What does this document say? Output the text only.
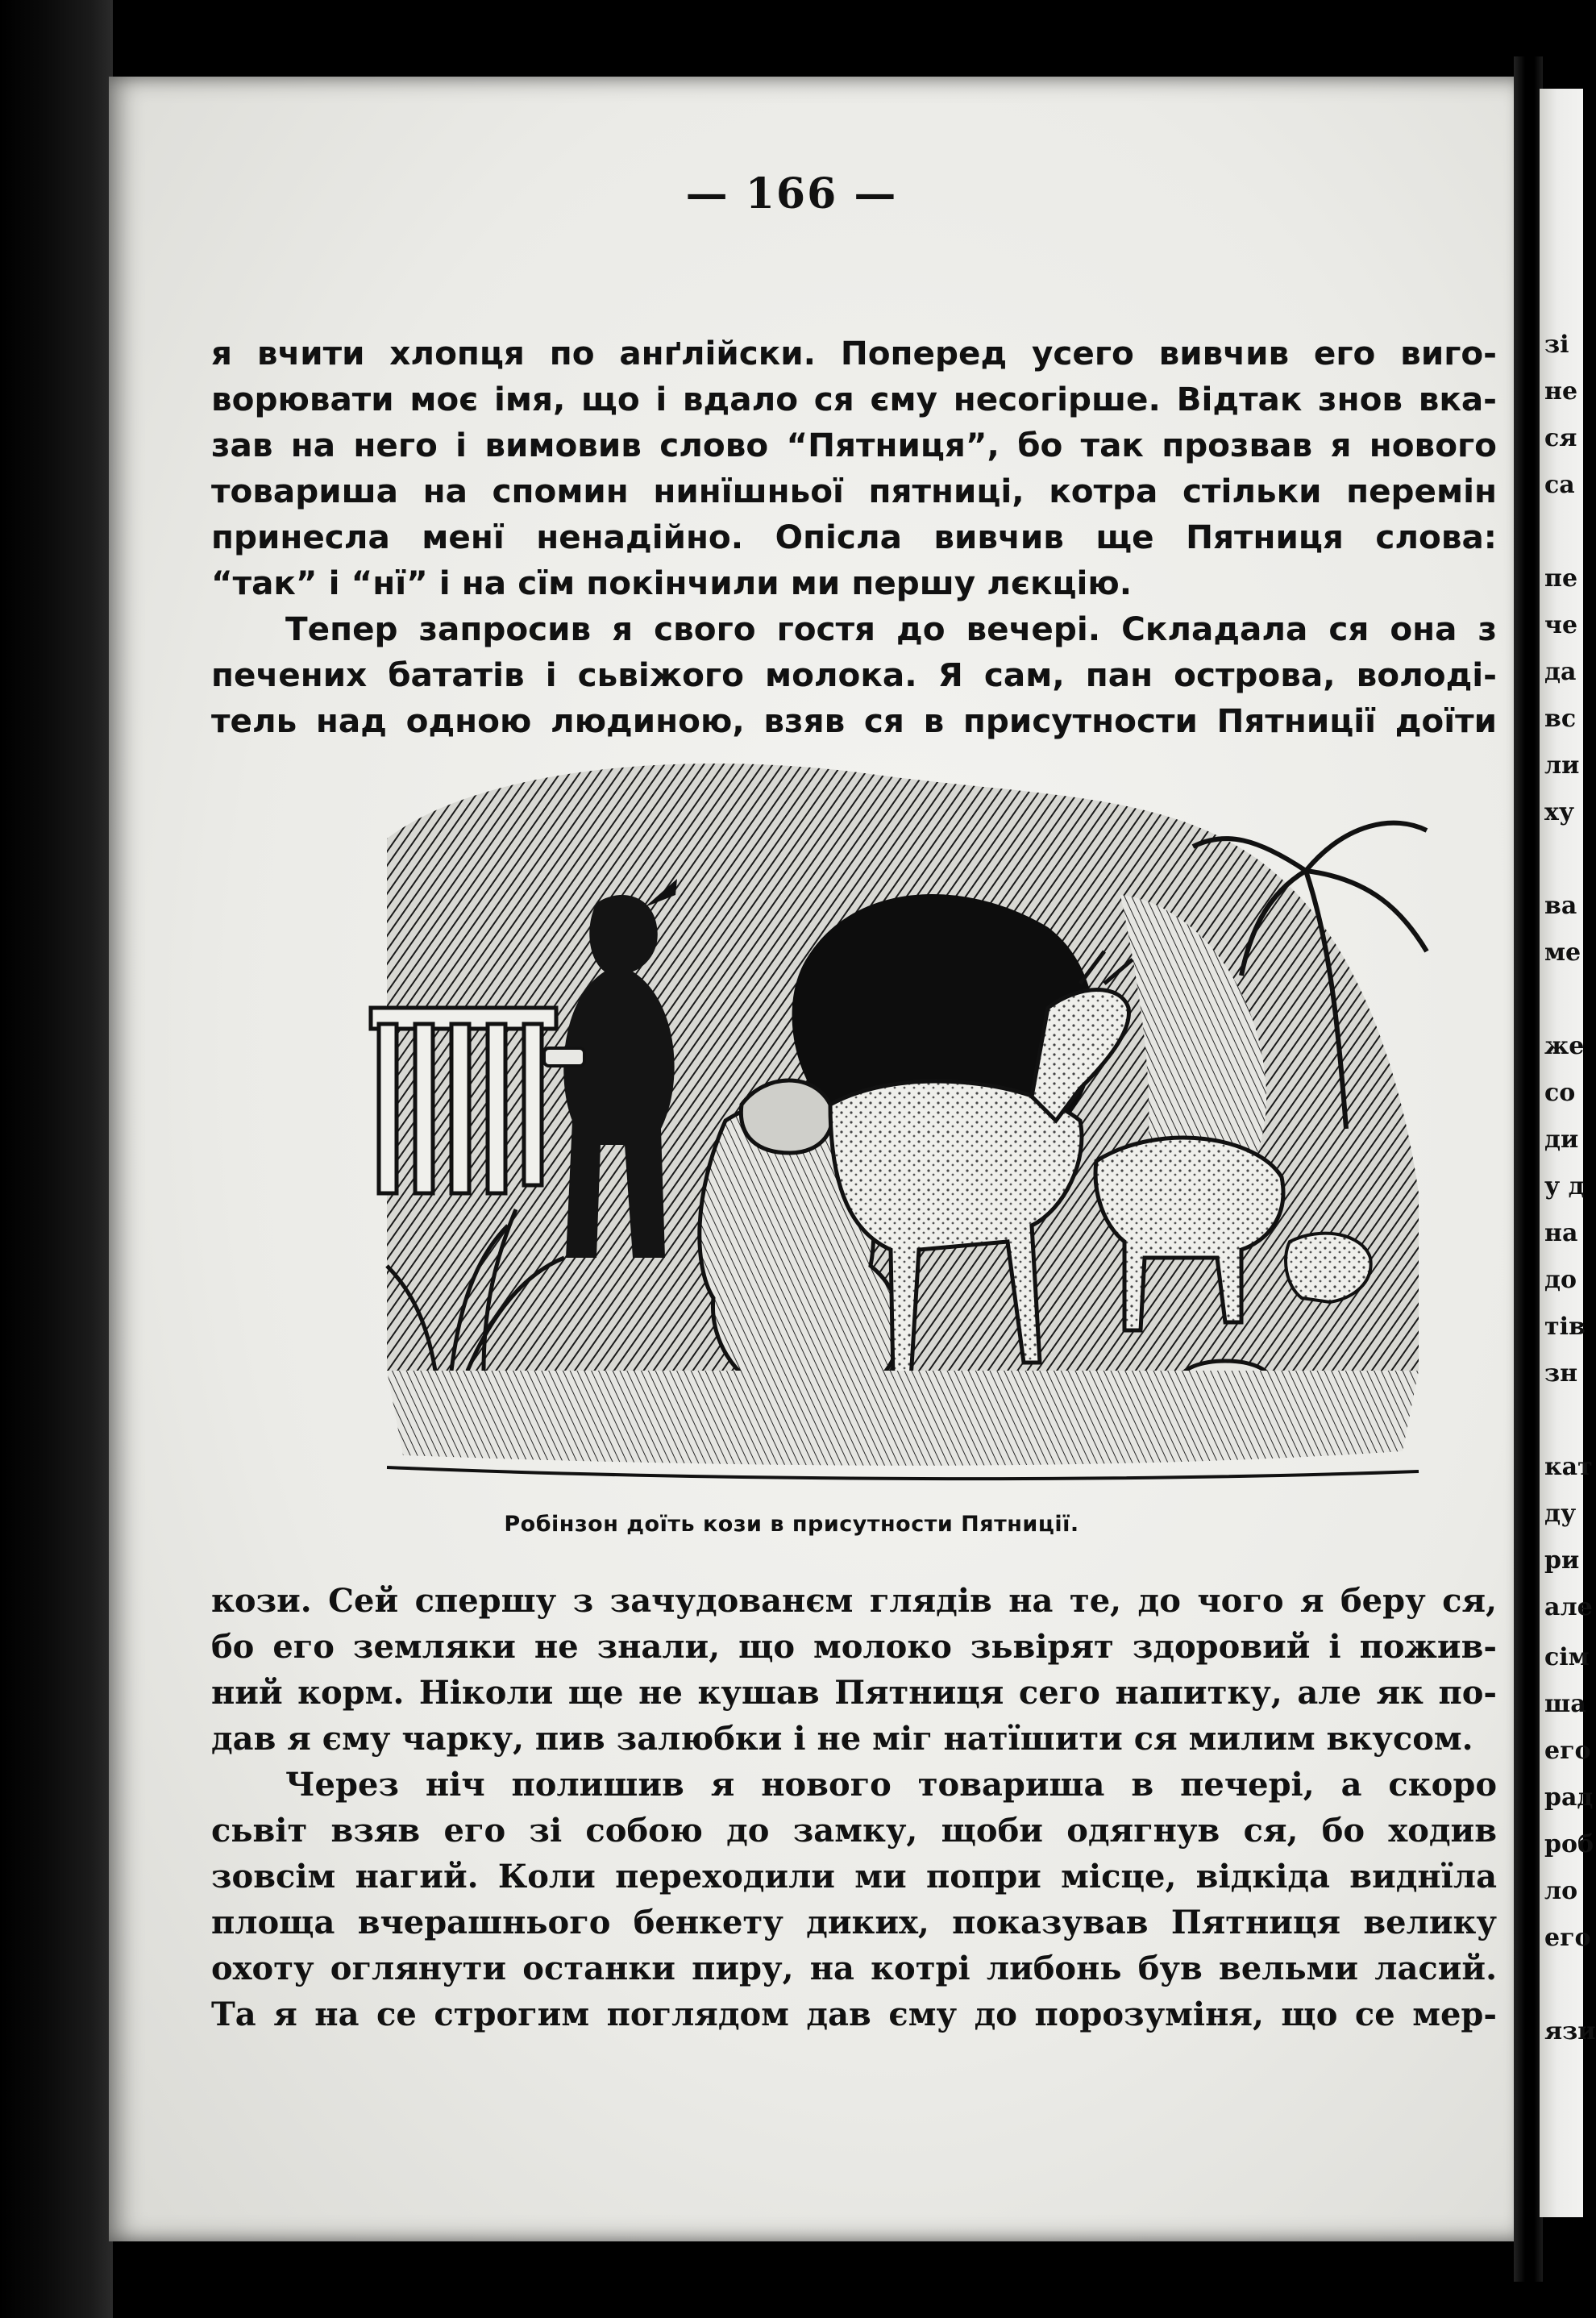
— 166 —

я вчити хлопця по анґлійски. Поперед усего вивчив его виго-
ворювати моє імя, що і вдало ся єму несогірше. Відтак знов вка-
зав на него і вимовив слово “Пятниця”, бо так прозвав я нового
товариша на спомин нинїшньої пятниці, котра стільки перемін
принесла менї ненадійно. Опісла вивчив ще Пятниця слова:
“так” і “нї” і на сїм покінчили ми першу лєкцію.

Тепер запросив я свого гостя до вечері. Складала ся она з
печених бататів і сьвіжого молока. Я сам, пан острова, володі-
тель над одною людиною, взяв ся в присутности Пятниції доїти

Робінзон доїть кози в присутности Пятниції.

кози. Сей спершу з зачудованєм глядів на те, до чого я беру ся,
бо его земляки не знали, що молоко зьвірят здоровий і пожив-
ний корм. Ніколи ще не кушав Пятниця сего напитку, але як по-
дав я єму чарку, пив залюбки і не міг натїшити ся милим вкусом.

Через ніч полишив я нового товариша в печері, а скоро
сьвіт взяв его зі собою до замку, щоби одягнув ся, бо ходив
зовсім нагий. Коли переходили ми попри місце, відкіда виднїла
площа вчерашнього бенкету диких, показував Пятниця велику
охоту оглянути останки пиру, на котрі либонь був вельми ласий.
Та я на се строгим поглядом дав єму до порозуміня, що се мер-

зі
не
ся
са
пе
че
да
вс
ли
ху
ва
ме
же
со
ди
у д
на
до
тів
зн
кат
ду
ри
але
сім
ша
его
рад
роб
ло
его
язи
